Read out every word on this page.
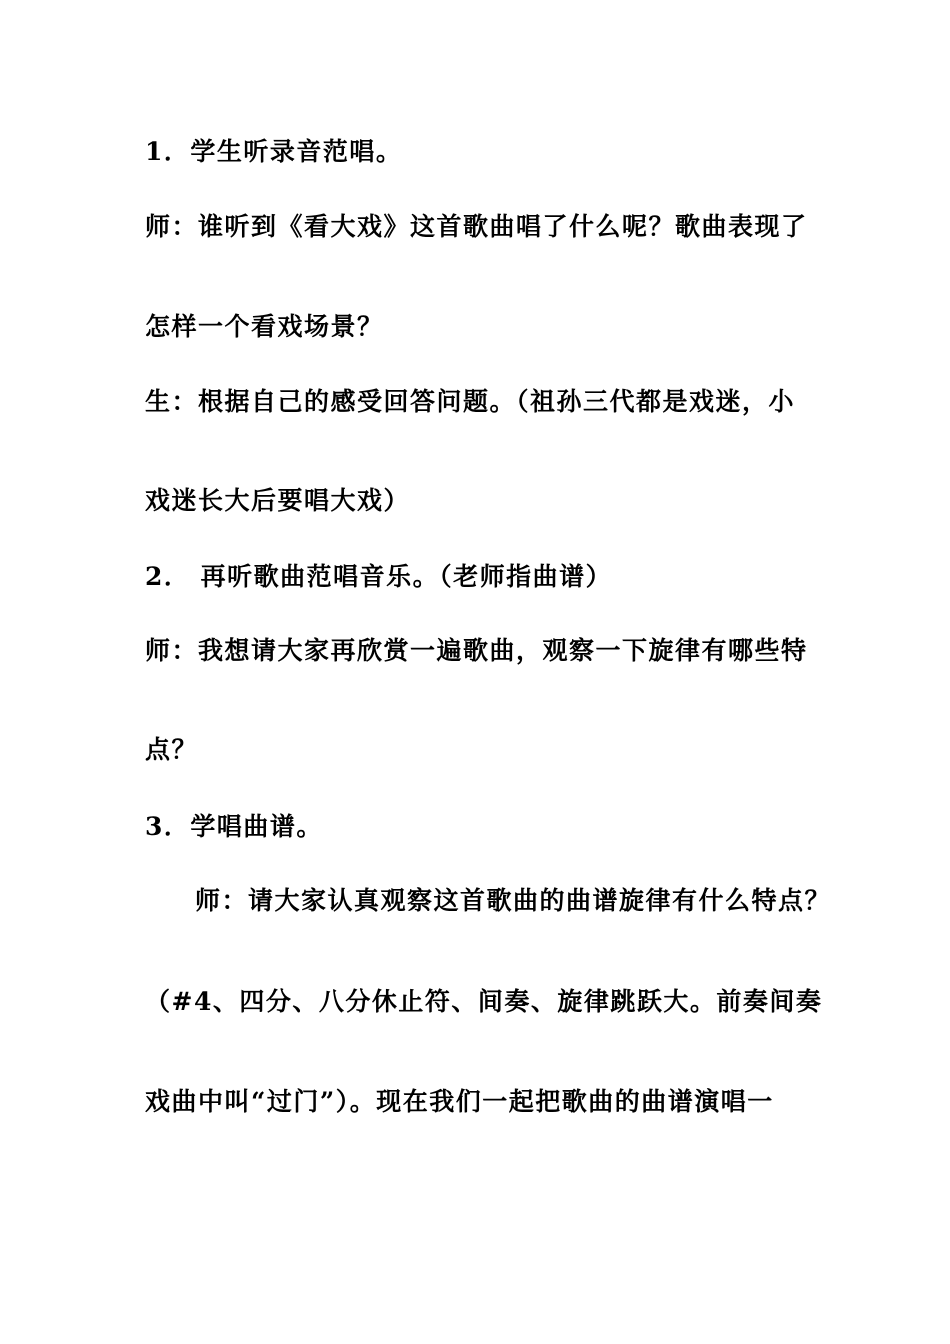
1．学生听录音范唱。
师：谁听到《看大戏》这首歌曲唱了什么呢？歌曲表现了
怎样一个看戏场景？
生：根据自己的感受回答问题。（祖孙三代都是戏迷，小
戏迷长大后要唱大戏）
2． 再听歌曲范唱音乐。（老师指曲谱）
师：我想请大家再欣赏一遍歌曲，观察一下旋律有哪些特
点？
3．学唱曲谱。
师：请大家认真观察这首歌曲的曲谱旋律有什么特点？
（#4、四分、八分休止符、间奏、旋律跳跃大。前奏间奏
戏曲中叫“过门”）。现在我们一起把歌曲的曲谱演唱一
